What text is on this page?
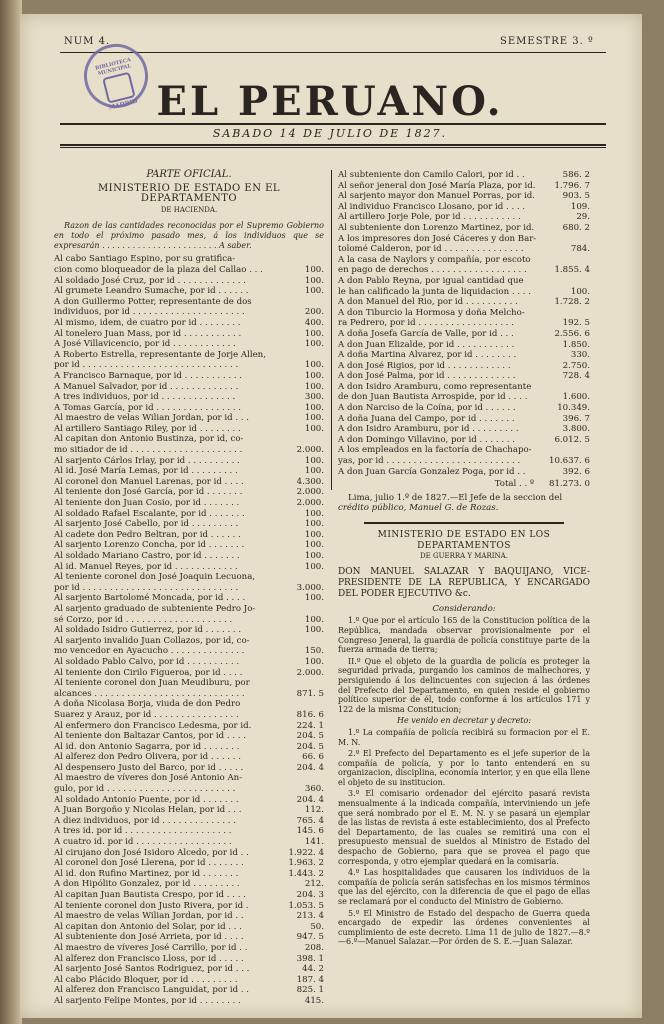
NUM 4.	SEMESTRE 3. º
BIBLIOTECA MUNICIPAL
MADRID EL PERUANO.
SABADO 14 DE JULIO DE 1827.
PARTE OFICIAL.
MINISTERIO DE ESTADO EN EL DEPARTAMENTO
DE HACIENDA.
Razon de las cantidades reconocidas por el Supremo Gobierno en todo el próximo pasado mes, á los individuos que se expresarán . . . . . . . . . . . . . . . . . . . . . . . A saber.
Al cabo Santiago Espino, por su gratifica-
cion como bloqueador de la plaza del Callao . . .	100.
Al soldado José Cruz, por id . . . . . . . . . . . . .	100.
Al grumete Leandro Sumache, por id . . . . . .	100.
A don Guillermo Potter, representante de dos
individuos, por id . . . . . . . . . . . . . . . . . . . . .	200.
Al mismo, idem, de cuatro por id . . . . . . . .	400.
Al tonelero Juan Mass, por id . . . . . . . . . . .	100.
A José Villavicencio, por id . . . . . . . . . . . .	100.
A Roberto Estrella, representante de Jorje Allen,
por id . . . . . . . . . . . . . . . . . . . . . . . . . . . . .	100.
A Francisco Barnaque, por id . . . . . . . . . . .	100.
A Manuel Salvador, por id . . . . . . . . . . . . .	100.
A tres individuos, por id . . . . . . . . . . . . . .	300.
A Tomas García, por id . . . . . . . . . . . . . . . .	100.
Al maestro de velas Wilian Jordan, por id . . .	100.
Al artillero Santiago Riley, por id . . . . . . . .	100.
Al capitan don Antonio Bustinza, por id, co-
mo sitiador de id . . . . . . . . . . . . . . . . . . . . .	2.000.
Al sarjento Cárlos Irlay, por id . . . . . . . . . .	100.
Al id. José María Lemas, por id . . . . . . . . .	100.
Al coronel don Manuel Larenas, por id . . . .	4.300.
Al teniente don José García, por id . . . . . . .	2.000.
Al teniente don Juan Cosio, por id . . . . . . .	2.000.
Al soldado Rafael Escalante, por id . . . . . . .	100.
Al sarjento José Cabello, por id . . . . . . . . .	100.
Al cadete don Pedro Beltran, por id . . . . . .	100.
Al sarjento Lorenzo Concha, por id . . . . . . .	100.
Al soldado Mariano Castro, por id . . . . . . .	100.
Al id. Manuel Reyes, por id . . . . . . . . . . . .	100.
Al teniente coronel don José Joaquin Lecuona,
por id . . . . . . . . . . . . . . . . . . . . . . . . . . . . .	3.000.
Al sarjento Bartolomé Moncada, por id . . . .	100.
Al sarjento graduado de subteniente Pedro Jo-
sé Corzo, por id . . . . . . . . . . . . . . . . . . . .	100.
Al soldado Isidro Gutierrez, por id . . . . . . .	100.
Al sarjento invalido Juan Collazos, por id, co-
mo vencedor en Ayacucho . . . . . . . . . . . . . .	150.
Al soldado Pablo Calvo, por id . . . . . . . . . .	100.
Al teniente don Cirilo Figueroa, por id . . . .	2.000.
Al teniente coronel don Juan Meudiburu, por
alcances . . . . . . . . . . . . . . . . . . . . . . . . . . . .	871. 5
A doña Nicolasa Borja, viuda de don Pedro
Suarez y Arauz, por id . . . . . . . . . . . . . . . .	816. 6
Al enfermero don Francisco Ledesma, por id.	224. 1
Al teniente don Baltazar Cantos, por id . . . .	204. 5
Al id. don Antonio Sagarra, por id . . . . . . .	204. 5
Al alferez don Pedro Olivera, por id . . . . . .	66. 6
Al despensero Justo del Barco, por id . . . . .	204. 4
Al maestro de víveres don José Antonio An-
gulo, por id . . . . . . . . . . . . . . . . . . . . . . . .	360.
Al soldado Antonio Puente, por id . . . . . . .	204. 4
A Juan Borgoño y Nicolas Helan, por id . . .	112.
A diez individuos, por id . . . . . . . . . . . . . .	765. 4
A tres id. por id . . . . . . . . . . . . . . . . . . . .	145. 6
A cuatro id. por id . . . . . . . . . . . . . . . . . .	141.
Al cirujano don José Isidoro Alcedo, por id . .	1.922. 4
Al coronel don José Llerena, por id . . . . . . .	1.963. 2
Al id. don Rufino Martinez, por id . . . . . . .	1.443. 2
A don Hipólito Gonzalez, por id . . . . . . . . .	212.
Al capitan Juan Bautista Crespo, por id . . . .	204. 3
Al teniente coronel don Justo Rivera, por id .	1.053. 5
Al maestro de velas Wilian Jordan, por id . .	213. 4
Al capitan don Antonio del Solar, por id . . .	50.
Al subteniente don José Arrieta, por id . . . .	947. 5
Al maestro de víveres José Carrillo, por id . .	208.
Al alferez don Francisco Lloss, por id . . . . .	398. 1
Al sarjento José Santos Rodriguez, por id . . .	44. 2
Al cabo Plácido Bloquer, por id . . . . . . . . .	187. 4
Al alferez don Francisco Languidat, por id . .	825. 1
Al sarjento Felipe Montes, por id . . . . . . . .	415.
Al subteniente don Camilo Calori, por id . .	586. 2
Al señor jeneral don José María Plaza, por id.	1.796. 7
Al sarjento mayor don Manuel Porras, por id.	903. 5
Al individuo Francisco Llosano, por id . . . .	109.
Al artillero Jorje Pole, por id . . . . . . . . . . .	29.
Al subteniente don Lorenzo Martinez, por id.	680. 2
A los impresores don José Cáceres y don Bar-
tolomé Calderon, por id . . . . . . . . . . . . . . .	784.
A la casa de Naylors y compañía, por escoto
en pago de derechos . . . . . . . . . . . . . . . . . .	1.855. 4
A don Pablo Reyna, por igual cantidad que
le han calificado la junta de liquidacion . . . .	100.
A don Manuel del Rio, por id . . . . . . . . . .	1.728. 2
A don Tiburcio la Hormosa y doña Melcho-
ra Pedrero, por id . . . . . . . . . . . . . . . . . .	192. 5
A doña Josefa García de Valle, por id . . .	2.556. 6
A don Juan Elizalde, por id . . . . . . . . . . .	1.850.
A doña Martina Alvarez, por id . . . . . . . .	330.
A don José Rigios, por id . . . . . . . . . . . .	2.750.
A don José Palma, por id . . . . . . . . . . . . .	728. 4
A don Isidro Aramburu, como representante
de don Juan Bautista Arrospide, por id . . . .	1.600.
A don Narciso de la Coína, por id . . . . . .	10.349.
A doña Juana del Campo, por id . . . . . . .	396. 7
A don Isidro Aramburu, por id . . . . . . . . .	3.800.
A don Domingo Villavino, por id . . . . . . .	6.012. 5
A los empleados en la factoría de Chachapo-
yas, por id . . . . . . . . . . . . . . . . . . . . . . . . .	10.637. 6
A don Juan García Gonzalez Poga, por id . .	392. 6
Total . . º	81.273. 0
Lima, julio 1.º de 1827.—El Jefe de la seccion del
crédito público, Manuel G. de Rozas.
MINISTERIO DE ESTADO EN LOS DEPARTAMENTOS
DE GUERRA Y MARINA.
DON MANUEL SALAZAR Y BAQUIJANO, VICE-PRESIDENTE DE LA REPUBLICA, Y ENCARGADO DEL PODER EJECUTIVO &c.
Considerando:
1.º Que por el artículo 165 de la Constitucion política de la República, mandada observar provisionalmente por el Congreso Jeneral, la guardia de policía constituye parte de la fuerza armada de tierra;
II.º Que el objeto de la guardia de policía es proteger la seguridad privada, purgando los caminos de malhechores, y persiguiendo á los delincuentes con sujecion á las órdenes del Prefecto del Departamento, en quien reside el gobierno político superior de él, todo conforme á los artículos 171 y 122 de la misma Constitucion;
He venido en decretar y decreto:
1.º La compañía de policía recibirá su formacion por el E. M. N.
2.º El Prefecto del Departamento es el jefe superior de la compañía de policía, y por lo tanto entenderá en su organizacion, disciplina, economía interior, y en que ella llene el objeto de su institucion.
3.º El comisario ordenador del ejército pasará revista mensualmente á la indicada compañía, interviniendo un jefe que será nombrado por el E. M. N. y se pasará un ejemplar de las listas de revista á este establecimiento, dos al Prefecto del Departamento, de las cuales se remitirá una con el presupuesto mensual de sueldos al Ministro de Estado del despacho de Gobierno, para que se provea el pago que corresponda, y otro ejemplar quedará en la comisaría.
4.º Las hospitalidades que causaren los individuos de la compañía de policía serán satisfechas en los mismos términos que las del ejército, con la diferencia de que el pago de ellas se reclamará por el conducto del Ministro de Gobierno.
5.º El Ministro de Estado del despacho de Guerra queda encargado de expedir las órdenes convenientes al cumplimiento de este decreto. Lima 11 de julio de 1827.—8.º—6.º—Manuel Salazar.—Por órden de S. E.—Juan Salazar.
